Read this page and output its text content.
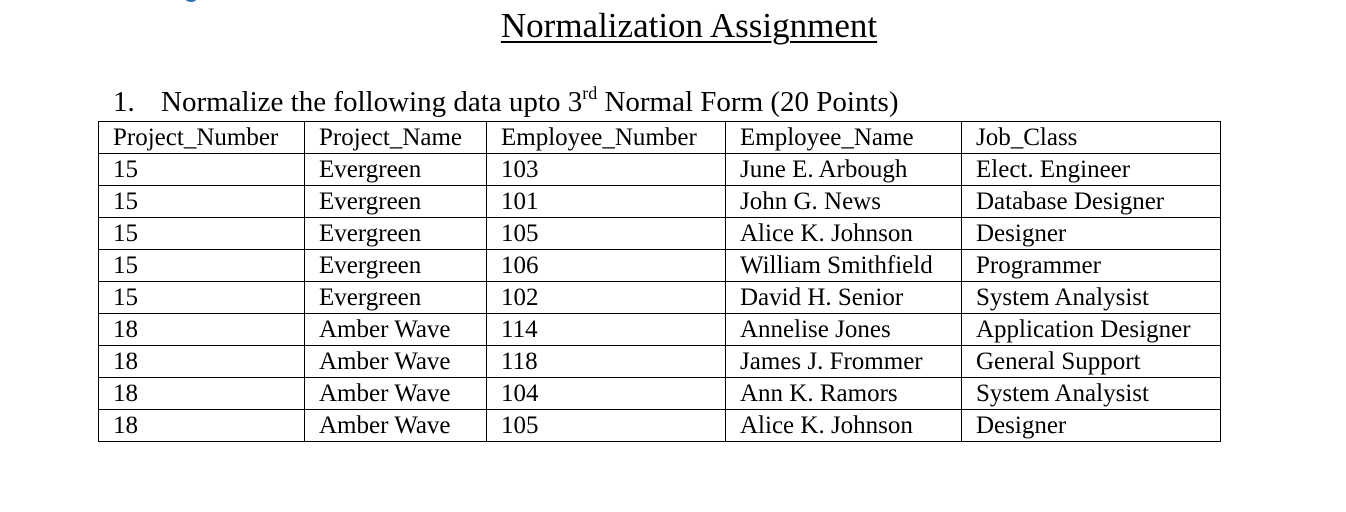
Normalization Assignment
1. Normalize the following data upto 3rd Normal Form (20 Points)
Project_Number	Project_Name	Employee_Number	Employee_Name	Job_Class
15	Evergreen	103	June E. Arbough	Elect. Engineer
15	Evergreen	101	John G. News	Database Designer
15	Evergreen	105	Alice K. Johnson	Designer
15	Evergreen	106	William Smithfield	Programmer
15	Evergreen	102	David H. Senior	System Analysist
18	Amber Wave	114	Annelise Jones	Application Designer
18	Amber Wave	118	James J. Frommer	General Support
18	Amber Wave	104	Ann K. Ramors	System Analysist
18	Amber Wave	105	Alice K. Johnson	Designer
